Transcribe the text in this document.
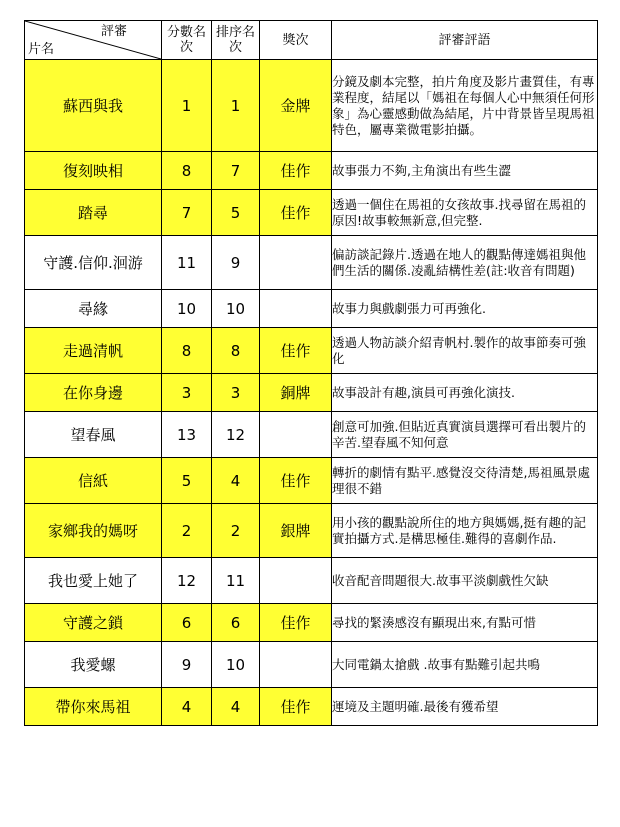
評審
片名	分數名次	排序名次	獎次	評審評語
蘇西與我	1	1	金牌	分鏡及劇本完整，拍片角度及影片畫質佳，有專業程度，結尾以「媽祖在每個人心中無須任何形象」為心靈感動做為結尾，片中背景皆呈現馬祖特色，屬專業微電影拍攝。
復刻映相	8	7	佳作	故事張力不夠,主角演出有些生澀
踏尋	7	5	佳作	透過一個住在馬祖的女孩故事.找尋留在馬祖的原因!故事較無新意,但完整.
守護.信仰.洄游	11	9		偏訪談記錄片.透過在地人的觀點傳達媽祖與他們生活的關係.凌亂結構性差(註:收音有問題)
尋緣	10	10		故事力與戲劇張力可再強化.
走過清帆	8	8	佳作	透過人物訪談介紹青帆村.製作的故事節奏可強化
在你身邊	3	3	銅牌	故事設計有趣,演員可再強化演技.
望春風	13	12		創意可加強.但貼近真實演員選擇可看出製片的辛苦.望春風不知何意
信紙	5	4	佳作	轉折的劇情有點平.感覺沒交待清楚,馬祖風景處理很不錯
家鄉我的媽呀	2	2	銀牌	用小孩的觀點說所住的地方與媽媽,挺有趣的記實拍攝方式.是構思極佳.難得的喜劇作品.
我也愛上她了	12	11		收音配音問題很大.故事平淡劇戲性欠缺
守護之鎖	6	6	佳作	尋找的緊湊感沒有顯現出來,有點可惜
我愛螺	9	10		大同電鍋太搶戲 .故事有點難引起共鳴
帶你來馬祖	4	4	佳作	運境及主題明確.最後有獲希望
